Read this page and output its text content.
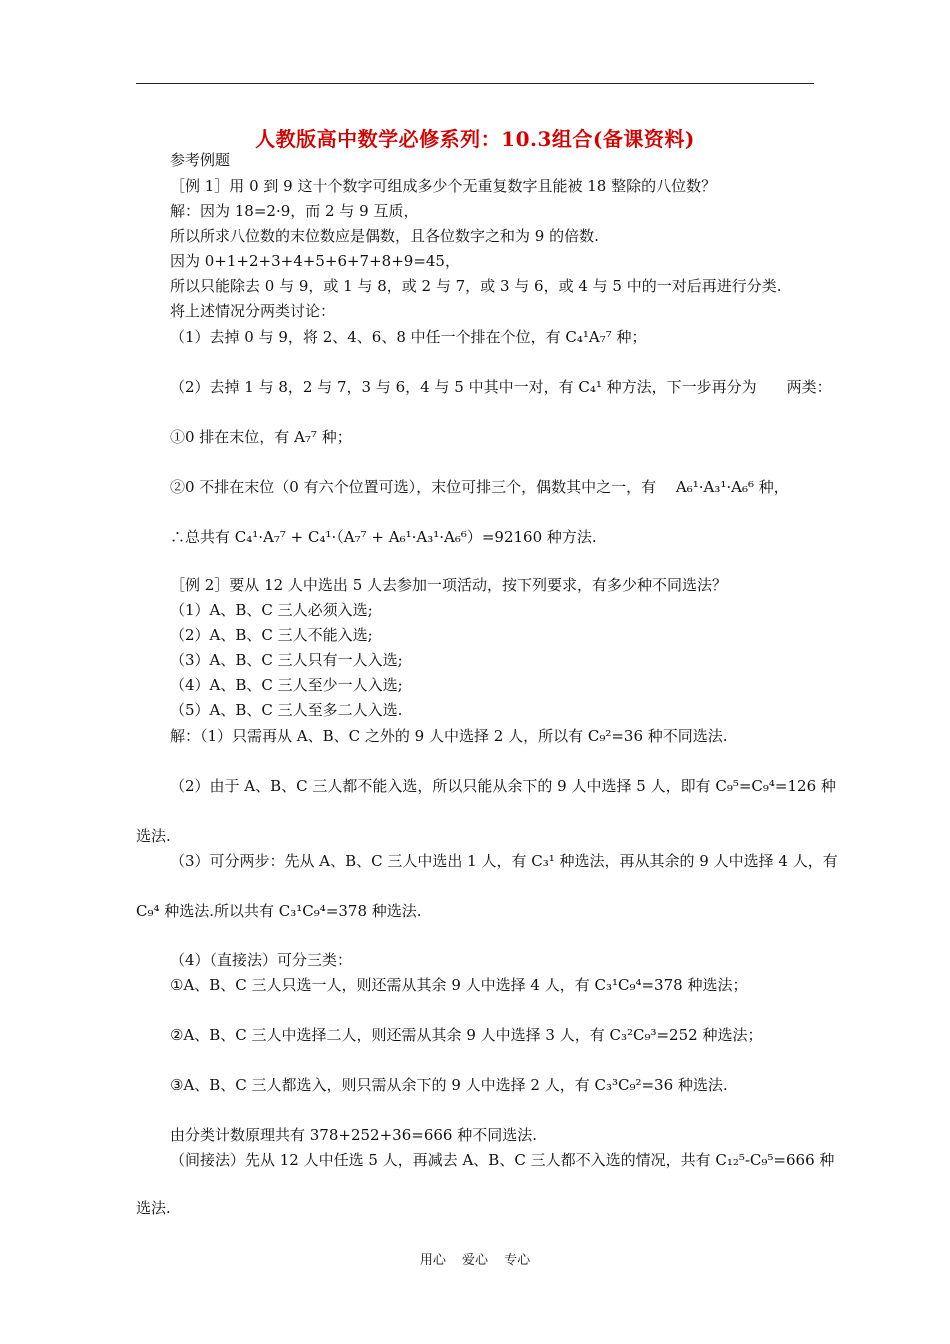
人教版高中数学必修系列：10.3组合(备课资料)
参考例题
［例 1］用 0 到 9 这十个数字可组成多少个无重复数字且能被 18 整除的八位数？
解：因为 18=2·9，而 2 与 9 互质，
所以所求八位数的末位数应是偶数，且各位数字之和为 9 的倍数.
因为 0+1+2+3+4+5+6+7+8+9=45，
所以只能除去 0 与 9，或 1 与 8，或 2 与 7，或 3 与 6，或 4 与 5 中的一对后再进行分类.
将上述情况分两类讨论：
（1）去掉 0 与 9，将 2、4、6、8 中任一个排在个位，有 C₄¹A₇⁷ 种；
（2）去掉 1 与 8，2 与 7，3 与 6，4 与 5 中其中一对，有 C₄¹ 种方法，下一步再分为　　两类：
①0 排在末位，有 A₇⁷ 种；
②0 不排在末位（0 有六个位置可选），末位可排三个，偶数其中之一，有　 A₆¹·A₃¹·A₆⁶ 种，
∴总共有 C₄¹·A₇⁷ + C₄¹·（A₇⁷ + A₆¹·A₃¹·A₆⁶）=92160 种方法.
［例 2］要从 12 人中选出 5 人去参加一项活动，按下列要求，有多少种不同选法？
（1）A、B、C 三人必须入选;
（2）A、B、C 三人不能入选;
（3）A、B、C 三人只有一人入选;
（4）A、B、C 三人至少一人入选;
（5）A、B、C 三人至多二人入选.
解：（1）只需再从 A、B、C 之外的 9 人中选择 2 人，所以有 C₉²=36 种不同选法.
（2）由于 A、B、C 三人都不能入选，所以只能从余下的 9 人中选择 5 人，即有 C₉⁵=C₉⁴=126 种
选法.
（3）可分两步：先从 A、B、C 三人中选出 1 人，有 C₃¹ 种选法，再从其余的 9 人中选择 4 人，有
C₉⁴ 种选法.所以共有 C₃¹C₉⁴=378 种选法.
（4）（直接法）可分三类：
①A、B、C 三人只选一人，则还需从其余 9 人中选择 4 人，有 C₃¹C₉⁴=378 种选法；
②A、B、C 三人中选择二人，则还需从其余 9 人中选择 3 人，有 C₃²C₉³=252 种选法；
③A、B、C 三人都选入，则只需从余下的 9 人中选择 2 人，有 C₃³C₉²=36 种选法.
由分类计数原理共有 378+252+36=666 种不同选法.
（间接法）先从 12 人中任选 5 人，再减去 A、B、C 三人都不入选的情况，共有 C₁₂⁵-C₉⁵=666 种
选法.
用心 爱心 专心
